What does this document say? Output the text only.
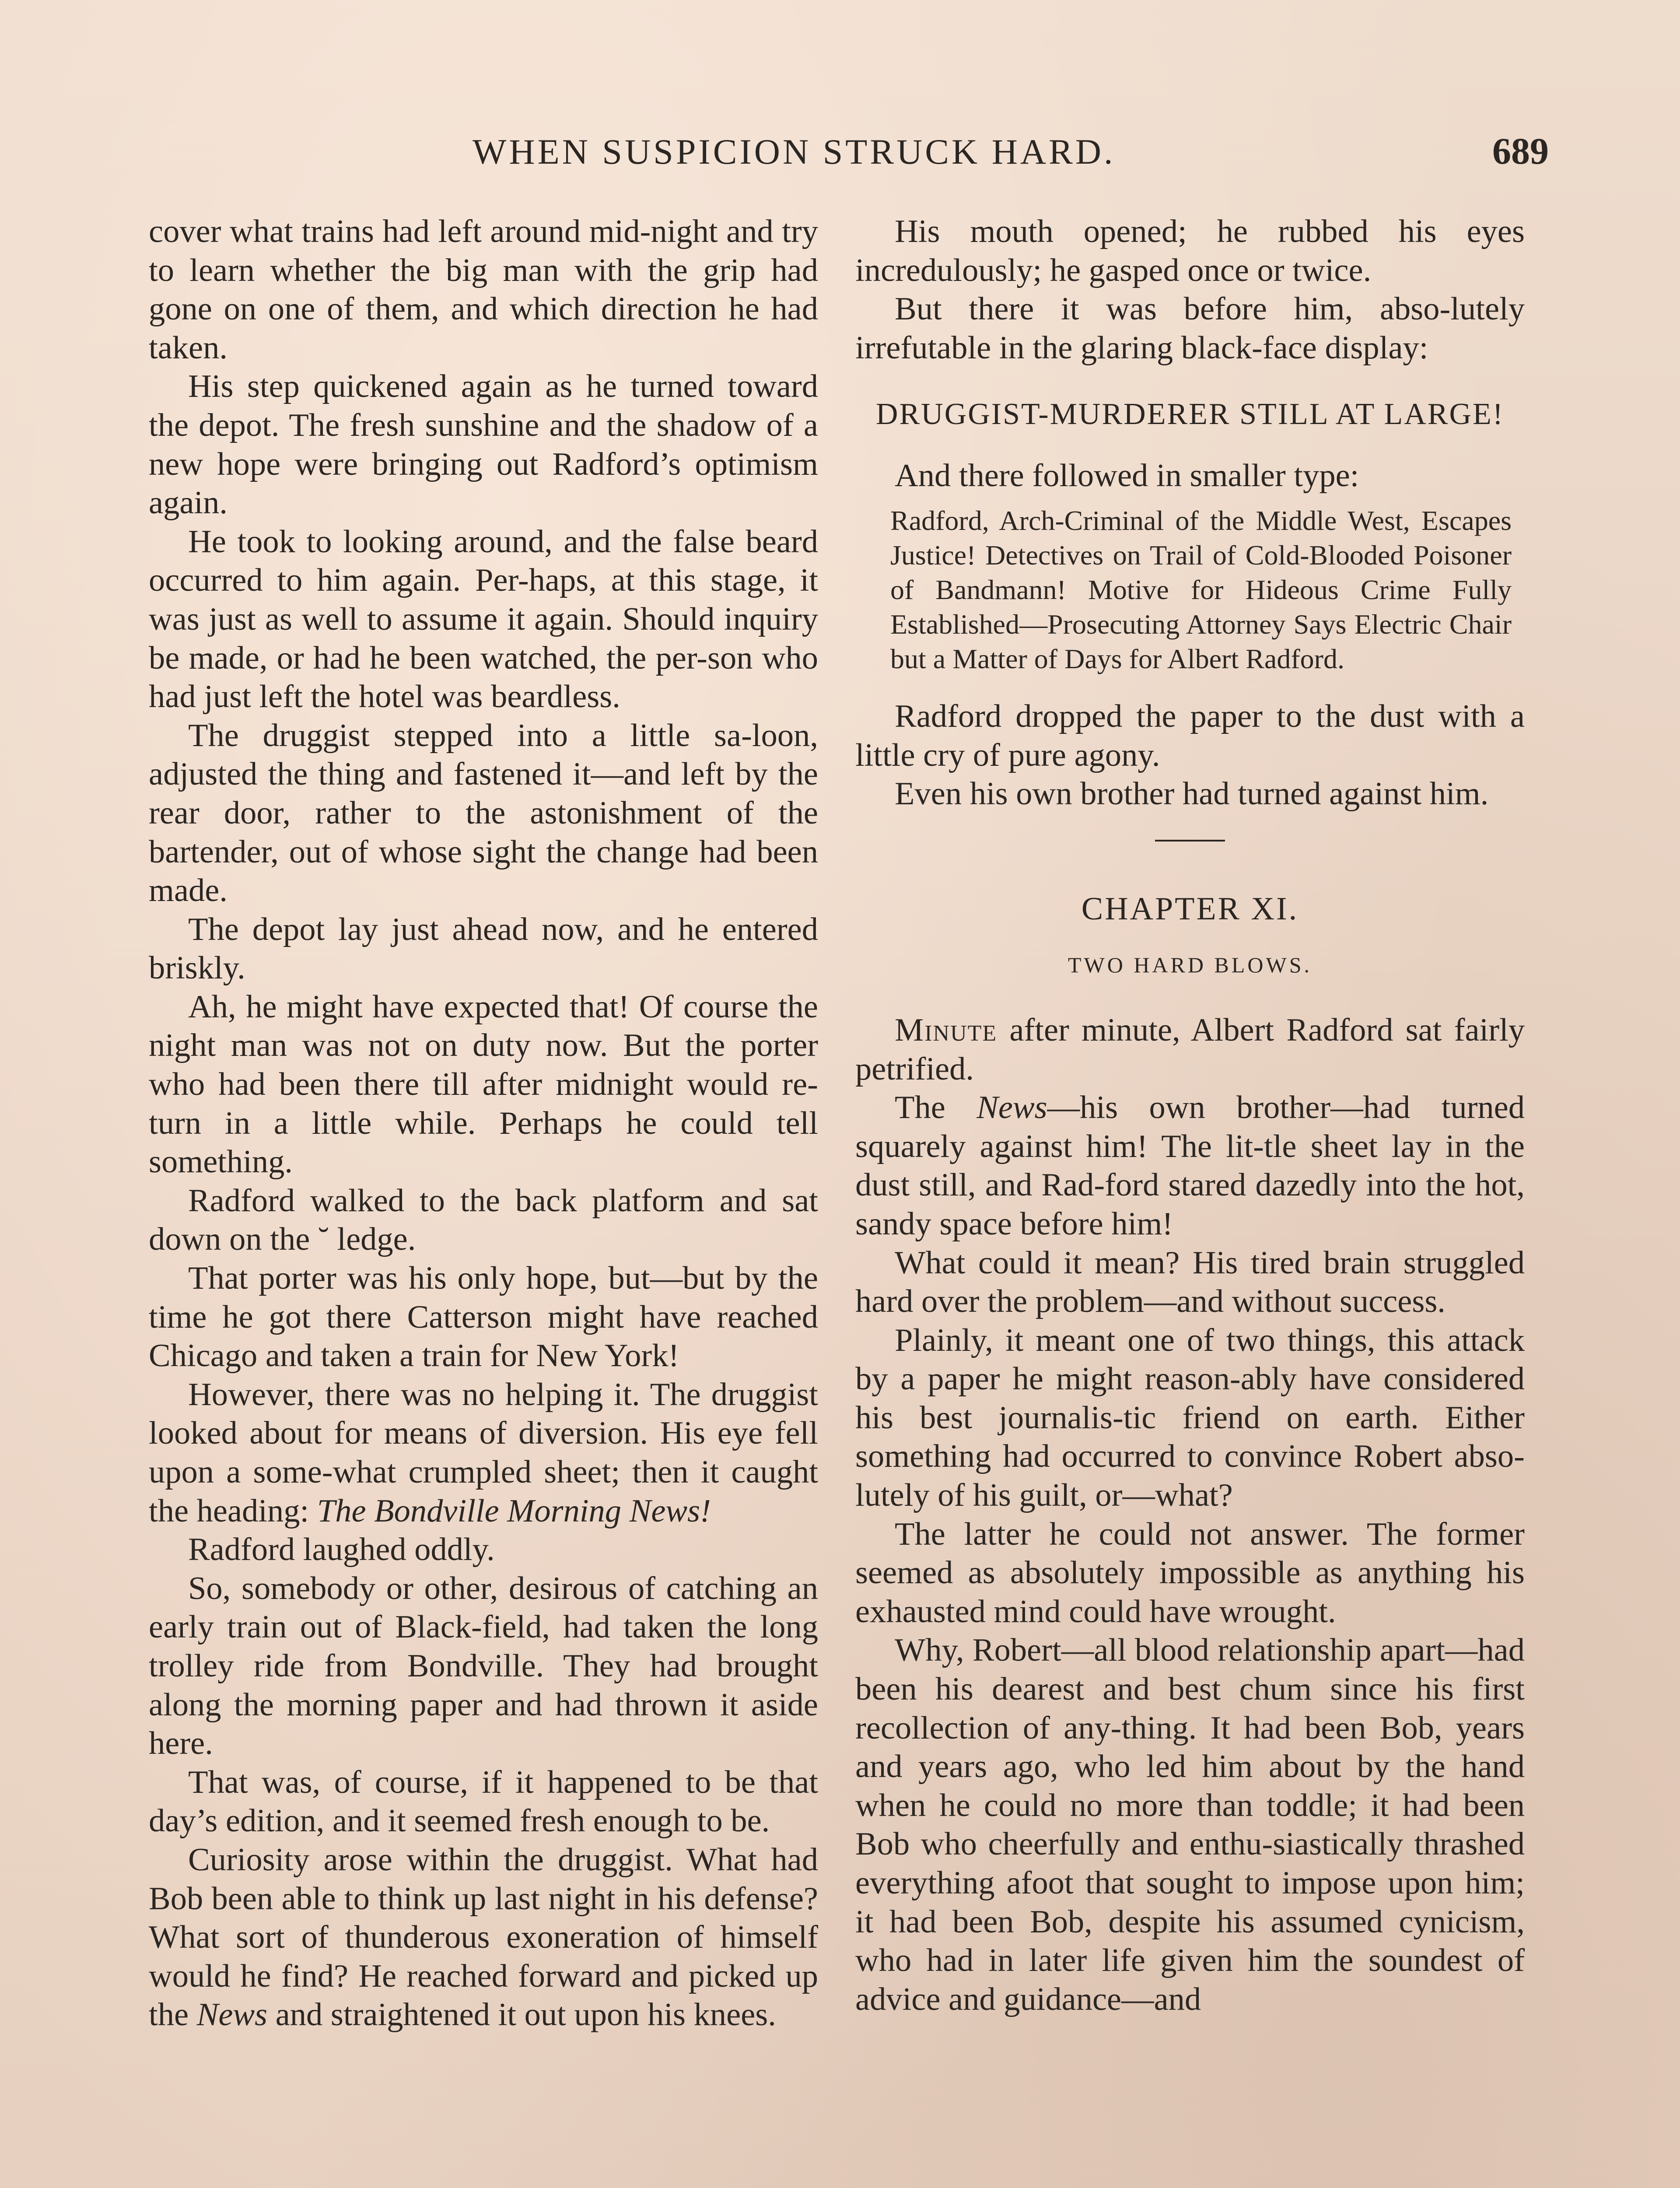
WHEN SUSPICION STRUCK HARD.	689

cover what trains had left around mid-night and try to learn whether the big man with the grip had gone on one of them, and which direction he had taken.

His step quickened again as he turned toward the depot. The fresh sunshine and the shadow of a new hope were bringing out Radford’s optimism again.

He took to looking around, and the false beard occurred to him again. Per-haps, at this stage, it was just as well to assume it again. Should inquiry be made, or had he been watched, the per-son who had just left the hotel was beardless.

The druggist stepped into a little sa-loon, adjusted the thing and fastened it—and left by the rear door, rather to the astonishment of the bartender, out of whose sight the change had been made.

The depot lay just ahead now, and he entered briskly.

Ah, he might have expected that! Of course the night man was not on duty now. But the porter who had been there till after midnight would re-turn in a little while. Perhaps he could tell something.

Radford walked to the back platform and sat down on the ˘ ledge.

That porter was his only hope, but—but by the time he got there Catterson might have reached Chicago and taken a train for New York!

However, there was no helping it. The druggist looked about for means of diversion. His eye fell upon a some-what crumpled sheet; then it caught the heading: The Bondville Morning News!

Radford laughed oddly.

So, somebody or other, desirous of catching an early train out of Black-field, had taken the long trolley ride from Bondville. They had brought along the morning paper and had thrown it aside here.

That was, of course, if it happened to be that day’s edition, and it seemed fresh enough to be.

Curiosity arose within the druggist. What had Bob been able to think up last night in his defense? What sort of thunderous exoneration of himself would he find? He reached forward and picked up the News and straightened it out upon his knees.

His mouth opened; he rubbed his eyes incredulously; he gasped once or twice.

But there it was before him, abso-lutely irrefutable in the glaring black-face display:

DRUGGIST-MURDERER STILL AT LARGE!

And there followed in smaller type:

Radford, Arch-Criminal of the Middle West, Escapes Justice! Detectives on Trail of Cold-Blooded Poisoner of Bandmann! Motive for Hideous Crime Fully Established—Prosecuting Attorney Says Electric Chair but a Matter of Days for Albert Radford.

Radford dropped the paper to the dust with a little cry of pure agony.

Even his own brother had turned against him.

CHAPTER XI.
TWO HARD BLOWS.

Minute after minute, Albert Radford sat fairly petrified.

The News—his own brother—had turned squarely against him! The lit-tle sheet lay in the dust still, and Rad-ford stared dazedly into the hot, sandy space before him!

What could it mean? His tired brain struggled hard over the problem—and without success.

Plainly, it meant one of two things, this attack by a paper he might reason-ably have considered his best journalis-tic friend on earth. Either something had occurred to convince Robert abso-lutely of his guilt, or—what?

The latter he could not answer. The former seemed as absolutely impossible as anything his exhausted mind could have wrought.

Why, Robert—all blood relationship apart—had been his dearest and best chum since his first recollection of any-thing. It had been Bob, years and years ago, who led him about by the hand when he could no more than toddle; it had been Bob who cheerfully and enthu-siastically thrashed everything afoot that sought to impose upon him; it had been Bob, despite his assumed cynicism, who had in later life given him the soundest of advice and guidance—and
